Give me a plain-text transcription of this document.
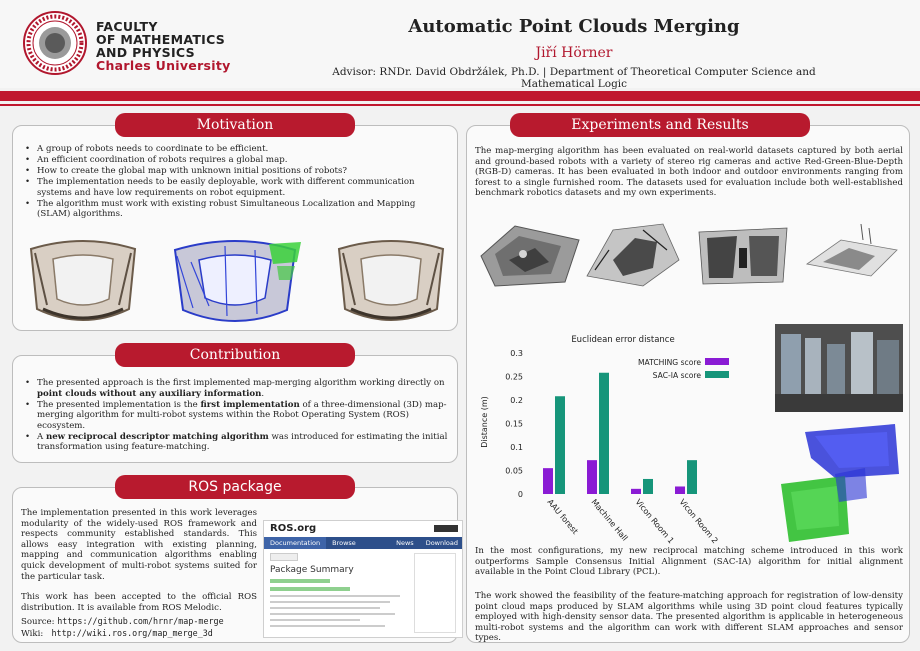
FACULTY
OF MATHEMATICS
AND PHYSICS
Charles University
Automatic Point Clouds Merging
Jiří Hörner
Advisor: RNDr. David Obdržálek, Ph.D. | Department of Theoretical Computer Science and Mathematical Logic
• A group of robots needs to coordinate to be efficient.
• An efficient coordination of robots requires a global map.
• How to create the global map with unknown initial positions of robots?
• The implementation needs to be easily deployable, work with different communication systems and have low requirements on robot equipment.
• The algorithm must work with existing robust Simultaneous Localization and Mapping (SLAM) algorithms.
Motivation
• The presented approach is the first implemented map-merging algorithm working directly on point clouds without any auxiliary information.
• The presented implementation is the first implementation of a three-dimensional (3D) map-merging algorithm for multi-robot systems within the Robot Operating System (ROS) ecosystem.
• A new reciprocal descriptor matching algorithm was introduced for estimating the initial transformation using feature-matching.
Contribution
The implementation presented in this work leverages modularity of the widely-used ROS framework and respects community established standards. This allows easy integration with existing planning, mapping and communication algorithms enabling quick development of multi-robot systems suited for the particular task.
This work has been accepted to the official ROS distribution. It is available from ROS Melodic.
Source: https://github.com/hrnr/map-merge
Wiki: http://wiki.ros.org/map_merge_3d
ROS.org
Documentation	Browse Software
News	Download
Package Summary
ROS package
The map-merging algorithm has been evaluated on real-world datasets captured by both aerial and ground-based robots with a variety of stereo rig cameras and active Red-Green-Blue-Depth (RGB-D) cameras. It has been evaluated in both indoor and outdoor environments ranging from forest to a single furnished room. The datasets used for evaluation include both well-established benchmark robotics datasets and my own experiments.
Euclidean error distance
Distance (m)
0
0.05
0.1
0.15
0.2
0.25
0.3
AAU forest Machine Hall Vicon Room 1 Vicon Room 2
MATCHING score
SAC-IA score
In the most configurations, my new reciprocal matching scheme introduced in this work outperforms Sample Consensus Initial Alignment (SAC-IA) algorithm for initial alignment available in the Point Cloud Library (PCL).
The work showed the feasibility of the feature-matching approach for registration of low-density point cloud maps produced by SLAM algorithms while using 3D point cloud features typically employed with high-density sensor data. The presented algorithm is applicable in heterogeneous multi-robot systems and the algorithm can work with different SLAM approaches and sensor types.
Experiments and Results
